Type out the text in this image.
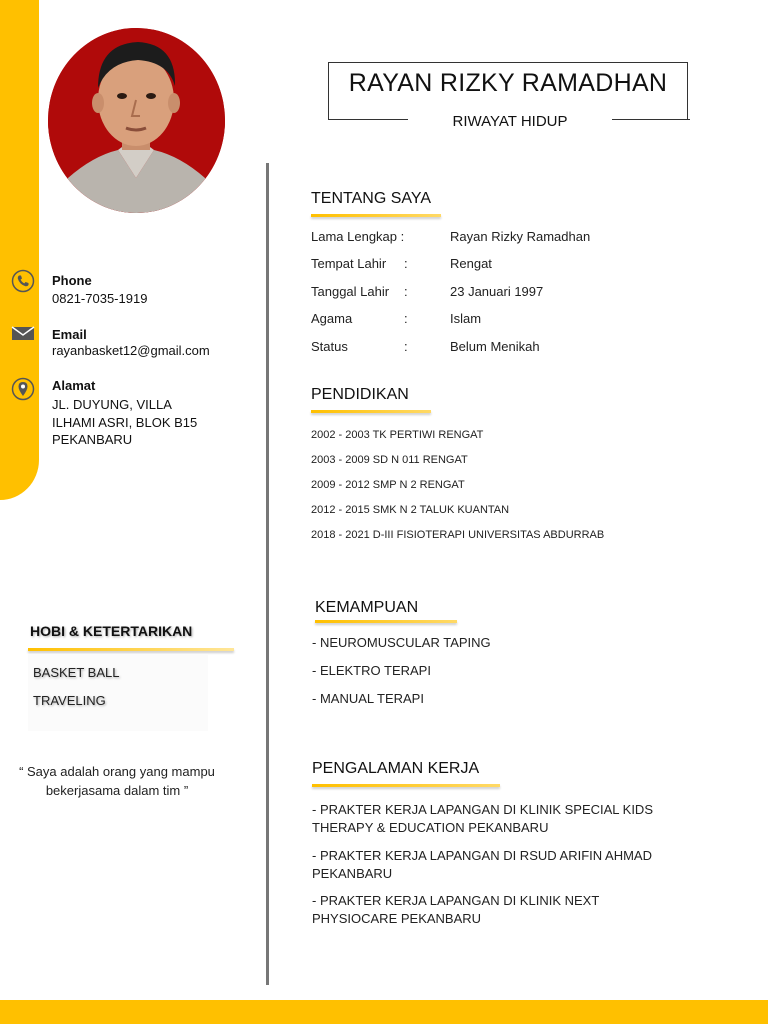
RAYAN RIZKY RAMADHAN
RIWAYAT HIDUP
Phone
0821-7035-1919
Email
rayanbasket12@gmail.com
Alamat
JL. DUYUNG, VILLA
ILHAMI ASRI, BLOK B15
PEKANBARU
HOBI & KETERTARIKAN
BASKET BALL
TRAVELING
“ Saya adalah orang yang mampu
bekerjasama dalam tim ”
TENTANG SAYA
Lama Lengkap :	Rayan Rizky Ramadhan
Tempat Lahir :	Rengat
Tanggal Lahir :	23 Januari 1997
Agama	:	Islam
Status	:	Belum Menikah
PENDIDIKAN
2002 - 2003 TK PERTIWI RENGAT
2003 - 2009 SD N 011 RENGAT
2009 - 2012 SMP N 2 RENGAT
2012 - 2015 SMK N 2 TALUK KUANTAN
2018 - 2021 D-III FISIOTERAPI UNIVERSITAS ABDURRAB
KEMAMPUAN
- NEUROMUSCULAR TAPING
- ELEKTRO TERAPI
- MANUAL TERAPI
PENGALAMAN KERJA
- PRAKTER KERJA LAPANGAN DI KLINIK SPECIAL KIDS
THERAPY & EDUCATION PEKANBARU
- PRAKTER KERJA LAPANGAN DI RSUD ARIFIN AHMAD
PEKANBARU
- PRAKTER KERJA LAPANGAN DI KLINIK NEXT
PHYSIOCARE PEKANBARU
